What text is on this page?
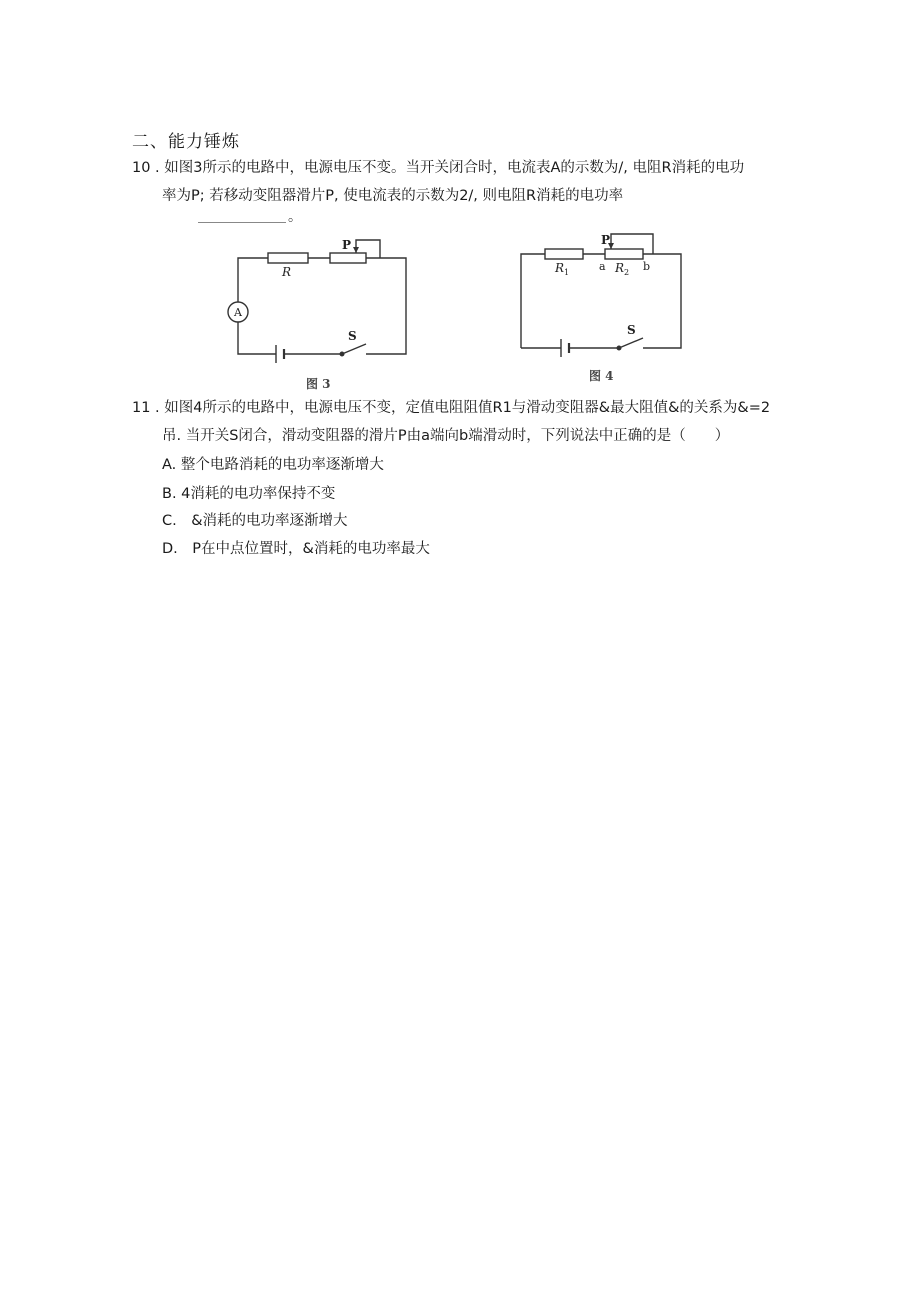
二、能力锤炼
10 . 如图3所示的电路中，电源电压不变。当开关闭合时，电流表A的示数为/, 电阻R消耗的电功
率为P; 若移动变阻器滑片P, 使电流表的示数为2/, 则电阻R消耗的电功率
。
R
P
A
S
图 3
P
$R_1$	a $R_2$ b
S
图 4
11 . 如图4所示的电路中，电源电压不变，定值电阻阻值R1与滑动变阻器&最大阻值&的关系为&=2
吊. 当开关S闭合，滑动变阻器的滑片P由a端向b端滑动时，下列说法中正确的是（　　）
A. 整个电路消耗的电功率逐渐增大
B. 4消耗的电功率保持不变
C.　&消耗的电功率逐渐增大
D.　P在中点位置时，&消耗的电功率最大
